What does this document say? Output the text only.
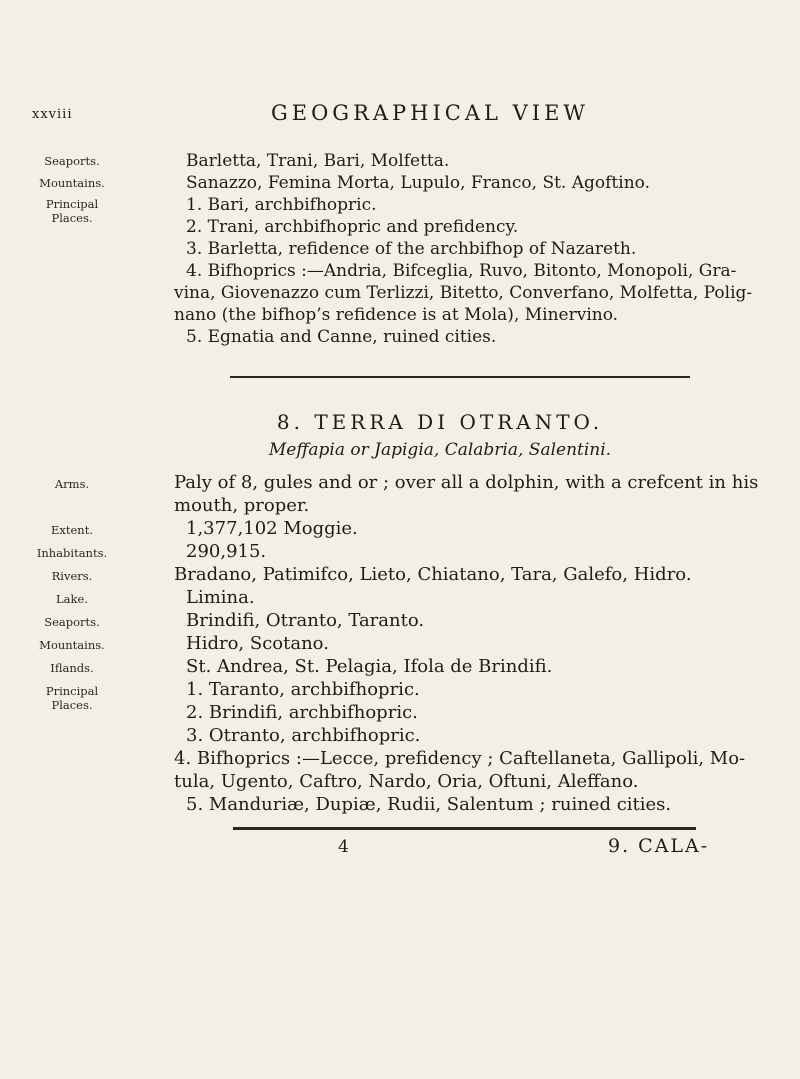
xxviii	GEOGRAPHICAL VIEW
Seaports.	Barletta, Trani, Bari, Molfetta.
Mountains.	Sanazzo, Femina Morta, Lupulo, Franco, St. Agoftino.
Principal Places.
1. Bari, archbifhopric.
2. Trani, archbifhopric and prefidency.
3. Barletta, refidence of the archbifhop of Nazareth.
4. Bifhoprics :—Andria, Bifceglia, Ruvo, Bitonto, Monopoli, Gra-
vina, Giovenazzo cum Terlizzi, Bitetto, Converfano, Molfetta, Polig-
nano (the bifhop’s refidence is at Mola), Minervino.
5. Egnatia and Canne, ruined cities.
8. TERRA DI OTRANTO.
Meffapia or Japigia, Calabria, Salentini.
Arms.	Paly of 8, gules and or ; over all a dolphin, with a crefcent in his
mouth, proper.
Extent.	1,377,102 Moggie.
Inhabitants.	290,915.
Rivers.	Bradano, Patimifco, Lieto, Chiatano, Tara, Galefo, Hidro.
Lake.	Limina.
Seaports.	Brindifi, Otranto, Taranto.
Mountains.	Hidro, Scotano.
Iflands.	St. Andrea, St. Pelagia, Ifola de Brindifi.
Principal Places.
1. Taranto, archbifhopric.
2. Brindifi, archbifhopric.
3. Otranto, archbifhopric.
4. Bifhoprics :—Lecce, prefidency ; Caftellaneta, Gallipoli, Mo-
tula, Ugento, Caftro, Nardo, Oria, Oftuni, Aleffano.
5. Manduriæ, Dupiæ, Rudii, Salentum ; ruined cities.
4	9. CALA-
